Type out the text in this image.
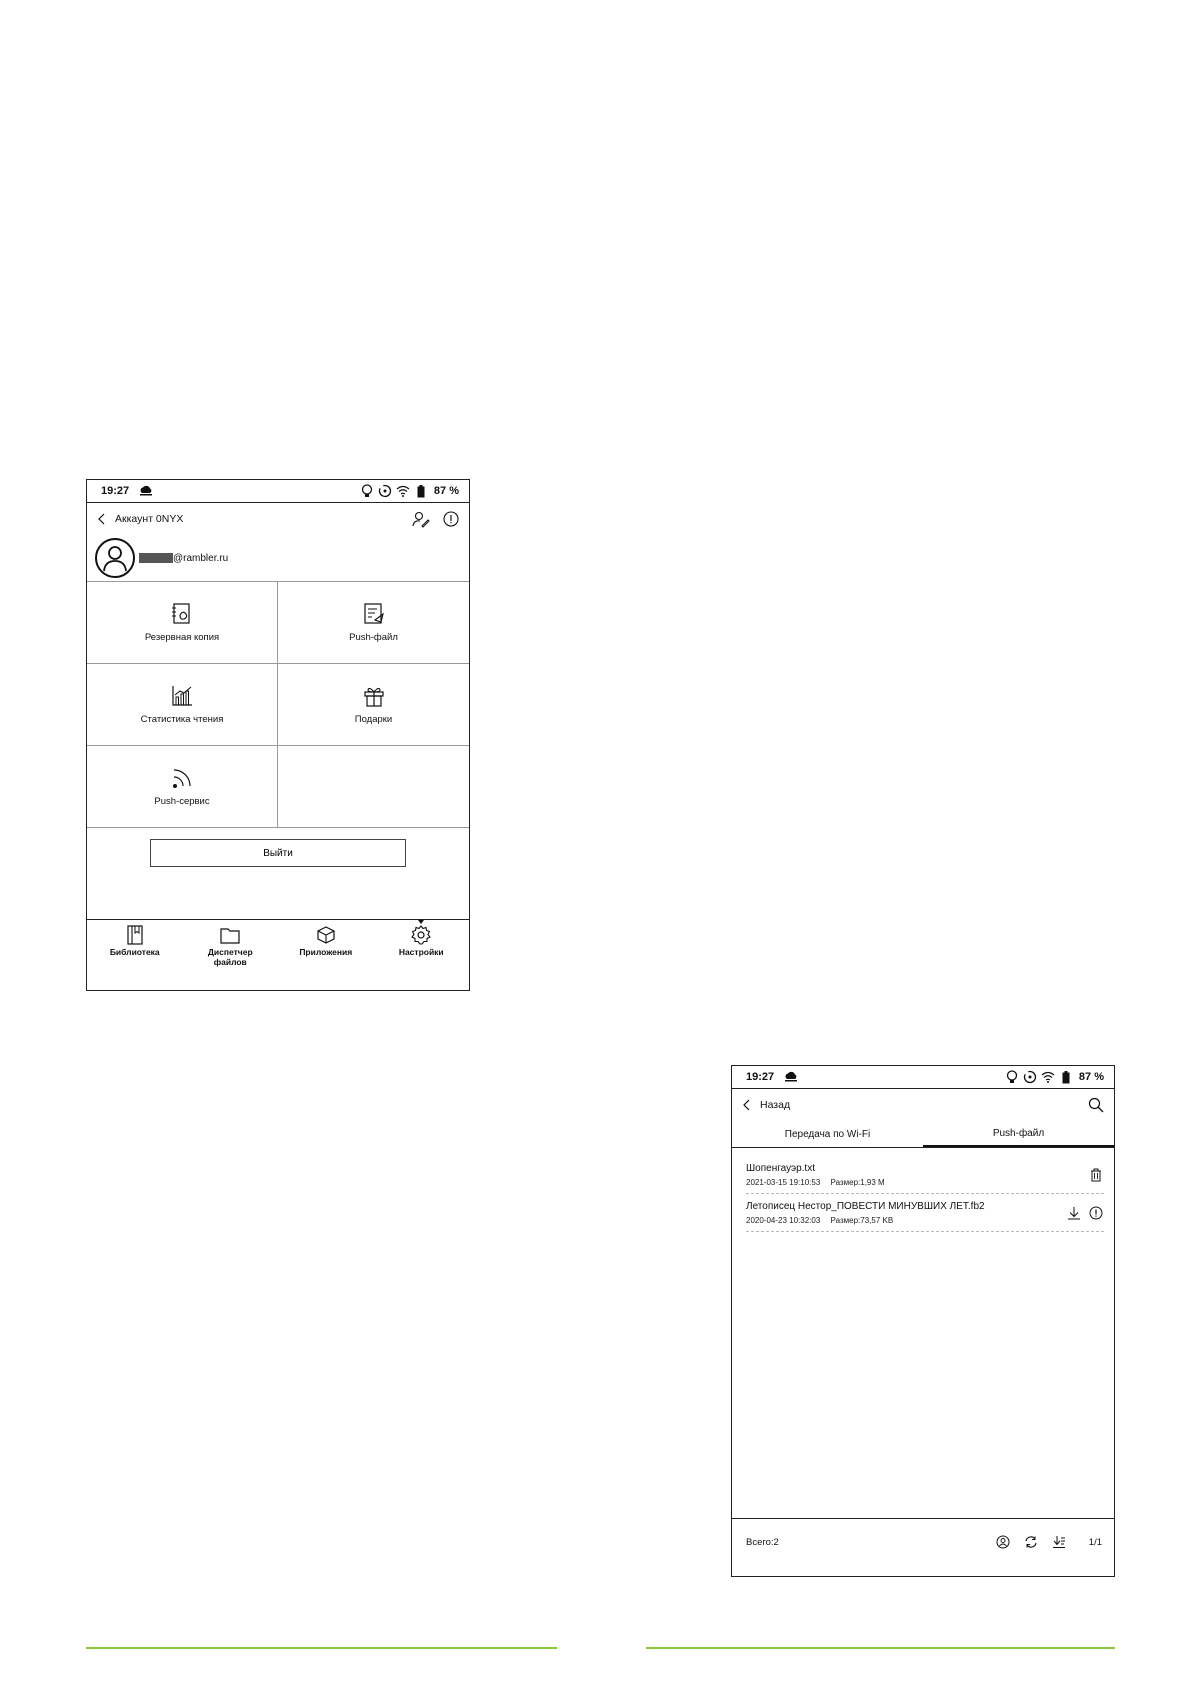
19:27	87 %
Аккаунт 0NYX
@rambler.ru
Резервная копия	Push-файл
Статистика чтения	Подарки
Push-сервис
Выйти
Библиотека	Диспетчер файлов
Приложения	Настройки
19:27	87 %
Назад
Передача по Wi-Fi	Push-файл
Шопенгауэр.txt
2021-03-15 19:10:53 Размер:1,93 M
Летописец Нестор_ПОВЕСТИ МИНУВШИХ ЛЕТ.fb2
2020-04-23 10:32:03 Размер:73,57 KB
Всего:2	1/1
